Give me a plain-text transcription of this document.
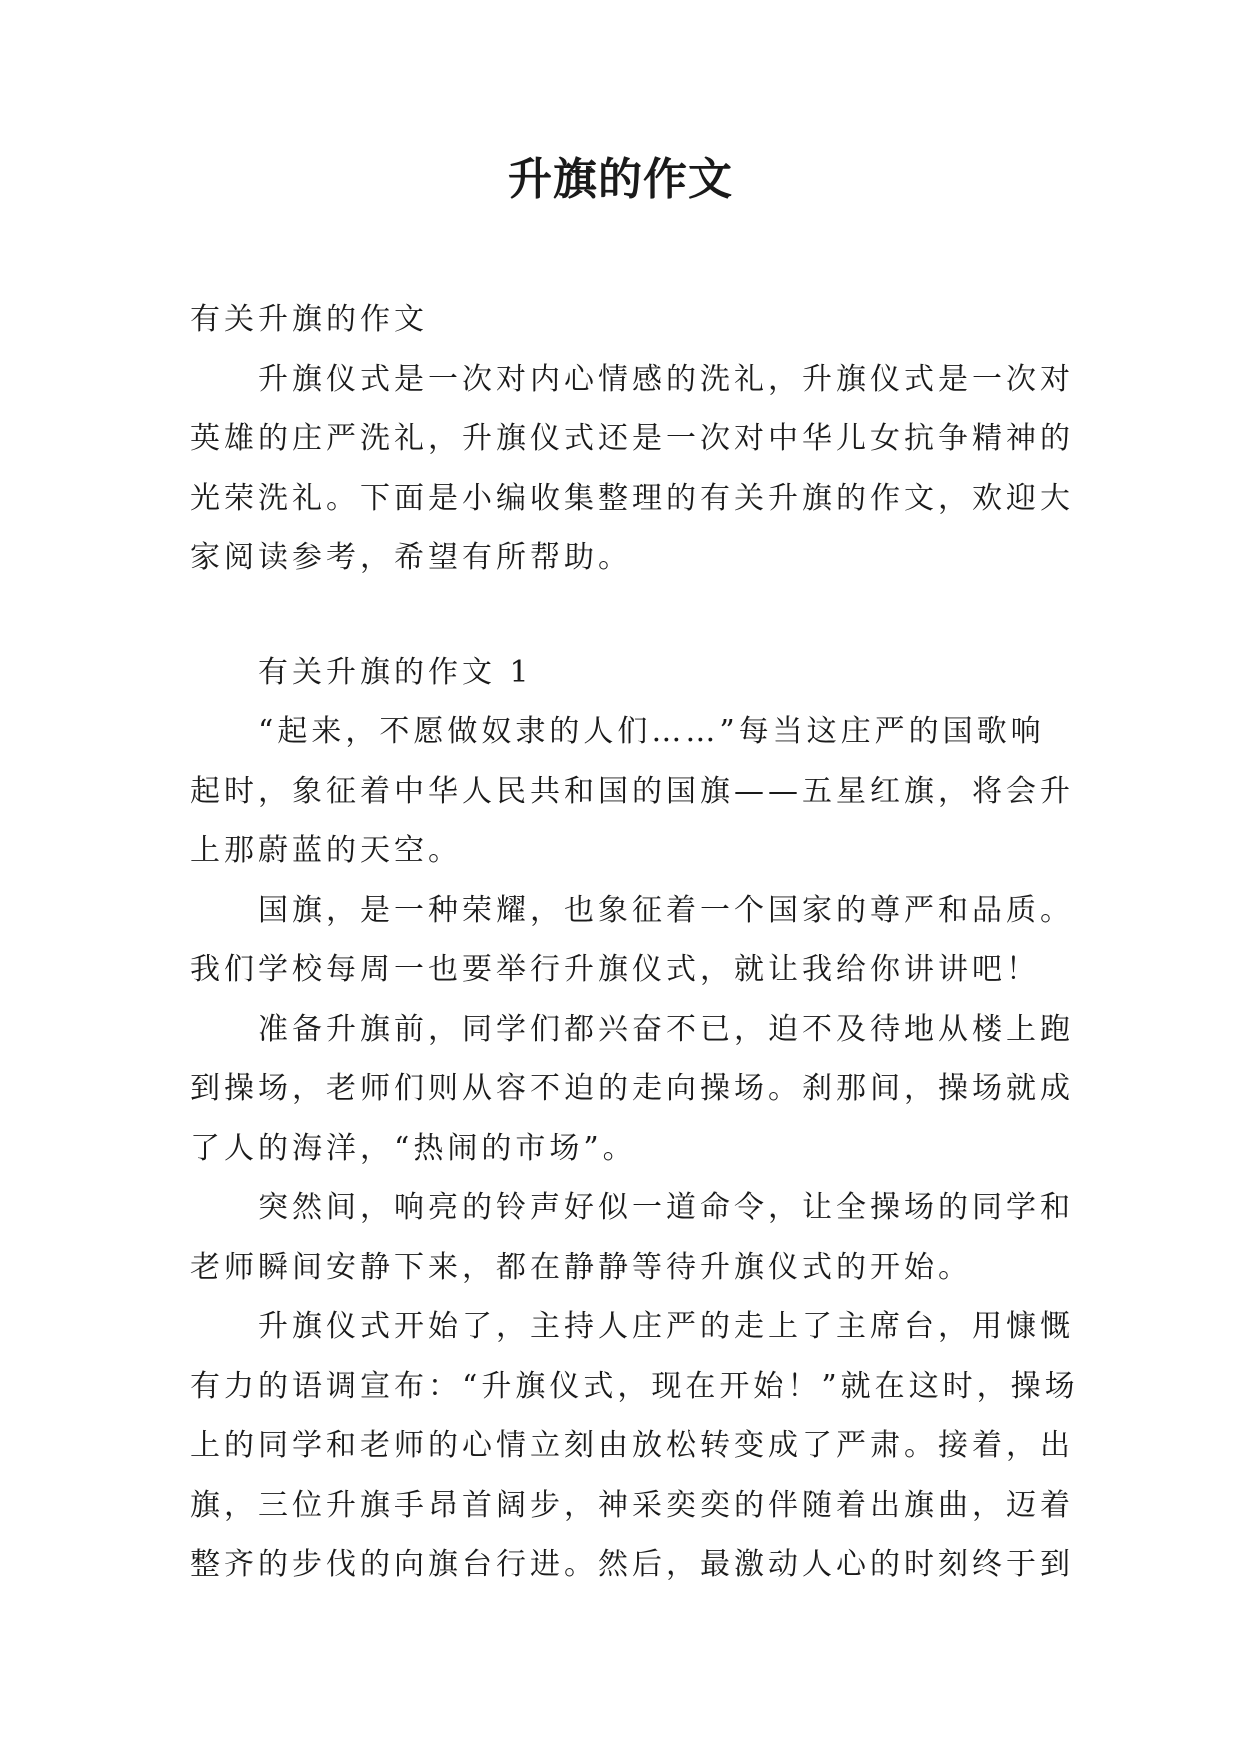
升旗的作文
有关升旗的作文
　　升旗仪式是一次对内心情感的洗礼，升旗仪式是一次对
英雄的庄严洗礼，升旗仪式还是一次对中华儿女抗争精神的
光荣洗礼。下面是小编收集整理的有关升旗的作文，欢迎大
家阅读参考，希望有所帮助。
　　有关升旗的作文 1
　　“起来，不愿做奴隶的人们……”每当这庄严的国歌响
起时，象征着中华人民共和国的国旗——五星红旗，将会升
上那蔚蓝的天空。
　　国旗，是一种荣耀，也象征着一个国家的尊严和品质。
我们学校每周一也要举行升旗仪式，就让我给你讲讲吧！
　　准备升旗前，同学们都兴奋不已，迫不及待地从楼上跑
到操场，老师们则从容不迫的走向操场。刹那间，操场就成
了人的海洋，“热闹的市场”。
　　突然间，响亮的铃声好似一道命令，让全操场的同学和
老师瞬间安静下来，都在静静等待升旗仪式的开始。
　　升旗仪式开始了，主持人庄严的走上了主席台，用慷慨
有力的语调宣布：“升旗仪式，现在开始！”就在这时，操场
上的同学和老师的心情立刻由放松转变成了严肃。接着，出
旗，三位升旗手昂首阔步，神采奕奕的伴随着出旗曲，迈着
整齐的步伐的向旗台行进。然后，最激动人心的时刻终于到
